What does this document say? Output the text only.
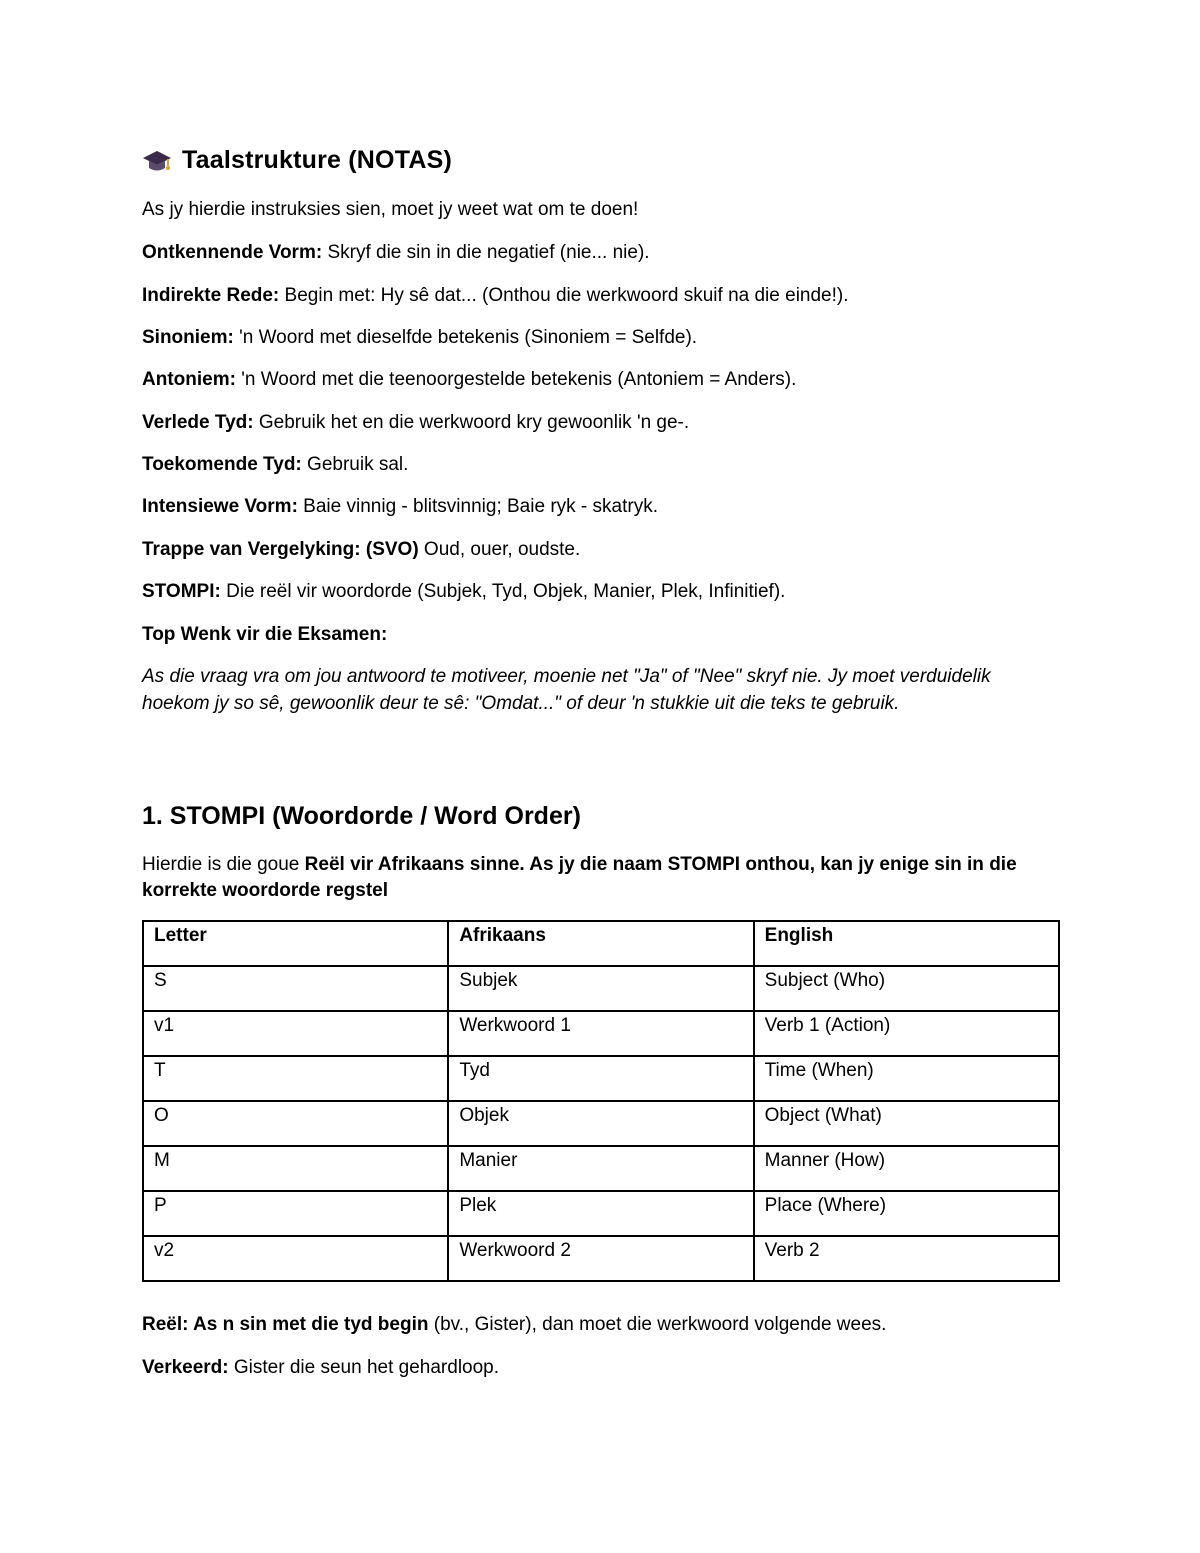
Taalstrukture (NOTAS)
As jy hierdie instruksies sien, moet jy weet wat om te doen!
Ontkennende Vorm: Skryf die sin in die negatief (nie... nie).
Indirekte Rede: Begin met: Hy sê dat... (Onthou die werkwoord skuif na die einde!).
Sinoniem: 'n Woord met dieselfde betekenis (Sinoniem = Selfde).
Antoniem: 'n Woord met die teenoorgestelde betekenis (Antoniem = Anders).
Verlede Tyd: Gebruik het en die werkwoord kry gewoonlik 'n ge-.
Toekomende Tyd: Gebruik sal.
Intensiewe Vorm: Baie vinnig - blitsvinnig; Baie ryk - skatryk.
Trappe van Vergelyking: (SVO) Oud, ouer, oudste.
STOMPI: Die reël vir woordorde (Subjek, Tyd, Objek, Manier, Plek, Infinitief).
Top Wenk vir die Eksamen:
As die vraag vra om jou antwoord te motiveer, moenie net "Ja" of "Nee" skryf nie. Jy moet verduidelik hoekom jy so sê, gewoonlik deur te sê: "Omdat..." of deur 'n stukkie uit die teks te gebruik.
1. STOMPI (Woordorde / Word Order)
Hierdie is die goue Reël vir Afrikaans sinne. As jy die naam STOMPI onthou, kan jy enige sin in die korrekte woordorde regstel
Letter	Afrikaans	English
S	Subjek	Subject (Who)
v1	Werkwoord 1	Verb 1 (Action)
T	Tyd	Time (When)
O	Objek	Object (What)
M	Manier	Manner (How)
P	Plek	Place (Where)
v2	Werkwoord 2	Verb 2
Reël: As n sin met die tyd begin (bv., Gister), dan moet die werkwoord volgende wees.
Verkeerd: Gister die seun het gehardloop.
